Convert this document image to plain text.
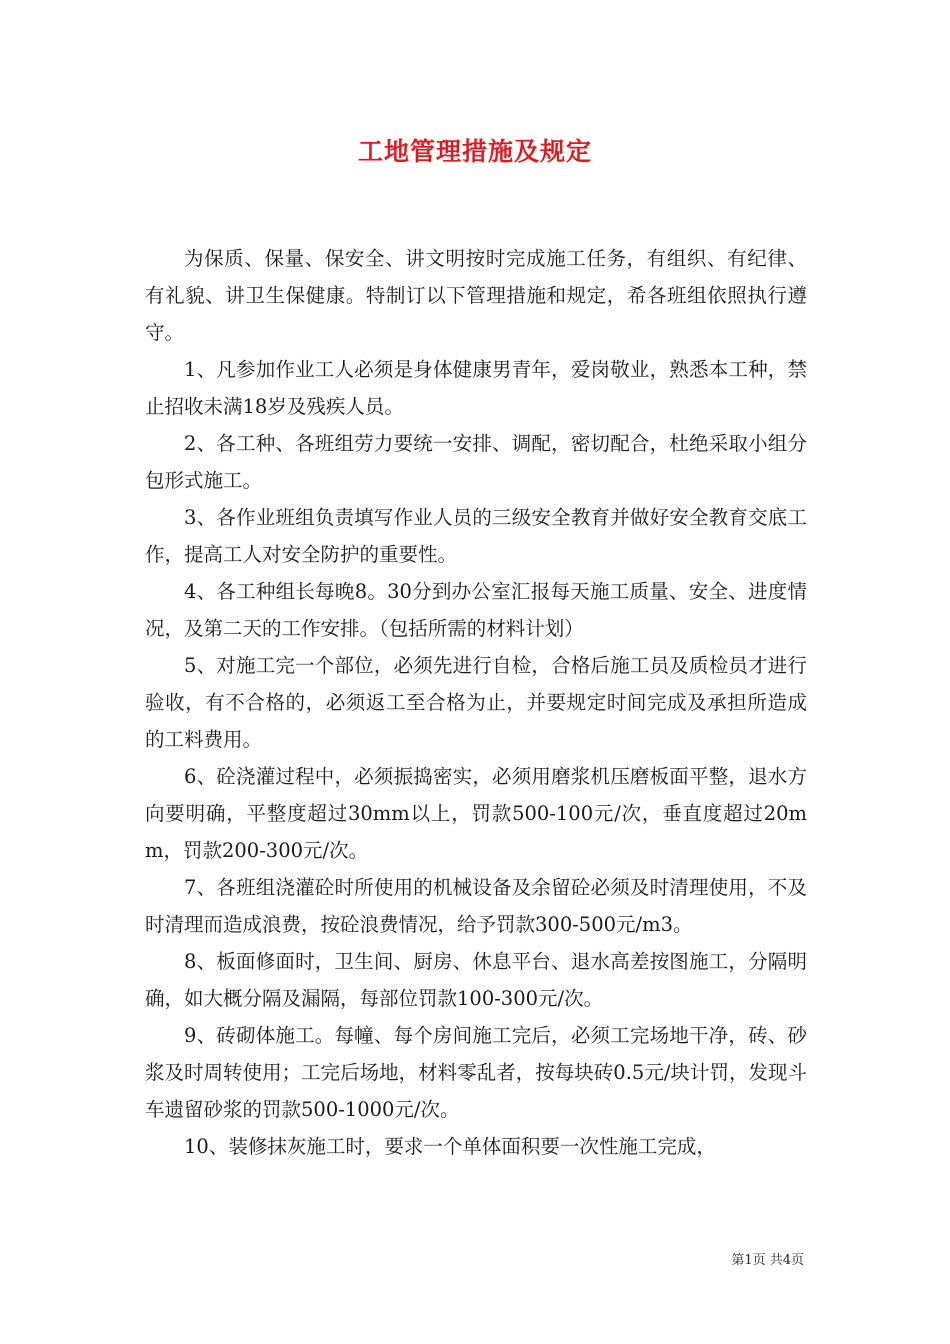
工地管理措施及规定

为保质、保量、保安全、讲文明按时完成施工任务，有组织、有纪律、有礼貌、讲卫生保健康。特制订以下管理措施和规定，希各班组依照执行遵守。

1、凡参加作业工人必须是身体健康男青年，爱岗敬业，熟悉本工种，禁止招收未满18岁及残疾人员。

2、各工种、各班组劳力要统一安排、调配，密切配合，杜绝采取小组分包形式施工。

3、各作业班组负责填写作业人员的三级安全教育并做好安全教育交底工作，提高工人对安全防护的重要性。

4、各工种组长每晚8。30分到办公室汇报每天施工质量、安全、进度情况，及第二天的工作安排。（包括所需的材料计划）

5、对施工完一个部位，必须先进行自检，合格后施工员及质检员才进行验收，有不合格的，必须返工至合格为止，并要规定时间完成及承担所造成的工料费用。

6、砼浇灌过程中，必须振捣密实，必须用磨浆机压磨板面平整，退水方向要明确，平整度超过30mm以上，罚款500-100元/次，垂直度超过20mm，罚款200-300元/次。

7、各班组浇灌砼时所使用的机械设备及余留砼必须及时清理使用，不及时清理而造成浪费，按砼浪费情况，给予罚款300-500元/m3。

8、板面修面时，卫生间、厨房、休息平台、退水高差按图施工，分隔明确，如大概分隔及漏隔，每部位罚款100-300元/次。

9、砖砌体施工。每幢、每个房间施工完后，必须工完场地干净，砖、砂浆及时周转使用；工完后场地，材料零乱者，按每块砖0.5元/块计罚，发现斗车遗留砂浆的罚款500-1000元/次。

10、装修抹灰施工时，要求一个单体面积要一次性施工完成，

第1页 共4页
